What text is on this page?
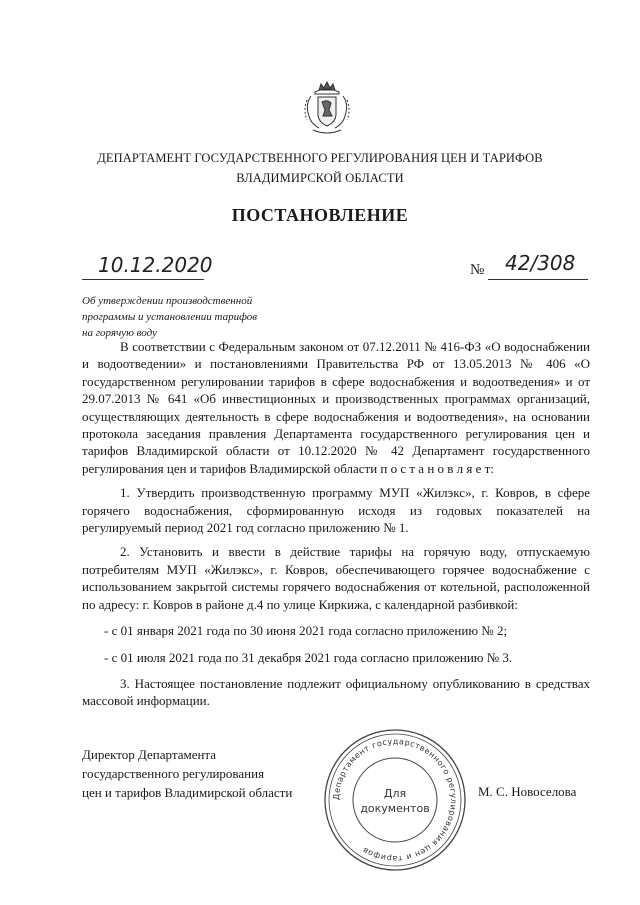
ДЕПАРТАМЕНТ ГОСУДАРСТВЕННОГО РЕГУЛИРОВАНИЯ ЦЕН И ТАРИФОВ
ВЛАДИМИРСКОЙ ОБЛАСТИ
ПОСТАНОВЛЕНИЕ
10.12.2020	№ 42/308
Об утверждении производственной
программы и установлении тарифов
на горячую воду

В соответствии с Федеральным законом от 07.12.2011 № 416-ФЗ «О водоснабжении и водоотведении» и постановлениями Правительства РФ от 13.05.2013 № 406 «О государственном регулировании тарифов в сфере водоснабжения и водоотведения» и от 29.07.2013 № 641 «Об инвестиционных и производственных программах организаций, осуществляющих деятельность в сфере водоснабжения и водоотведения», на основании протокола заседания правления Департамента государственного регулирования цен и тарифов Владимирской области от 10.12.2020 № 42 Департамент государственного регулирования цен и тарифов Владимирской области п о с т а н о в л я е т:

1. Утвердить производственную программу МУП «Жилэкс», г. Ковров, в сфере горячего водоснабжения, сформированную исходя из годовых показателей на регулируемый период 2021 год согласно приложению № 1.

2. Установить и ввести в действие тарифы на горячую воду, отпускаемую потребителям МУП «Жилэкс», г. Ковров, обеспечивающего горячее водоснабжение с использованием закрытой системы горячего водоснабжения от котельной, расположенной по адресу: г. Ковров в районе д.4 по улице Киркижа, с календарной разбивкой:

- с 01 января 2021 года по 30 июня 2021 года согласно приложению № 2;

- с 01 июля 2021 года по 31 декабря 2021 года согласно приложению № 3.

3. Настоящее постановление подлежит официальному опубликованию в средствах массовой информации.

Директор Департамента
государственного регулирования
цен и тарифов Владимирской области	Департамент государственного регулирования цен и тарифов
Для
документов
М. С. Новоселова
